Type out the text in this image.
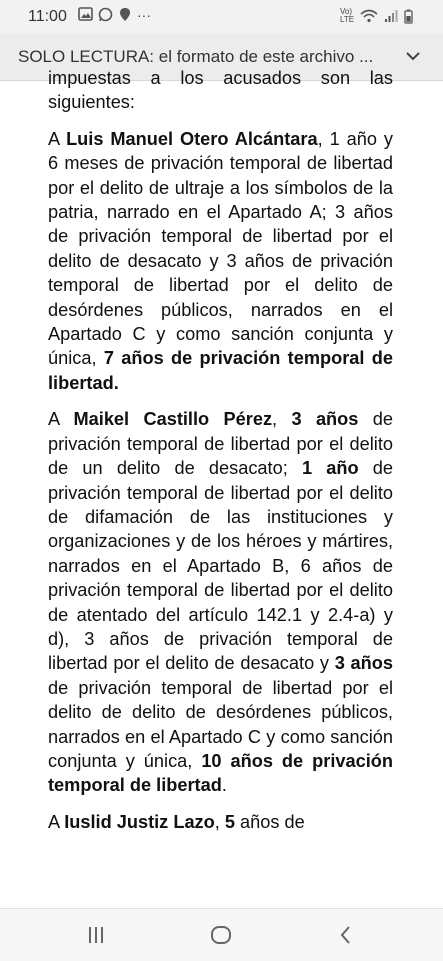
11:00	···	Vo) LTE
SOLO LECTURA: el formato de este archivo ...

impuestas a los acusados son las
siguientes:

A Luis Manuel Otero Alcántara, 1 año y 6 meses de privación temporal de libertad por el delito de ultraje a los símbolos de la patria, narrado en el Apartado A; 3 años de privación temporal de libertad por el delito de desacato y 3 años de privación temporal de libertad por el delito de desórdenes públicos, narrados en el Apartado C y como sanción conjunta y única, 7 años de privación temporal de libertad.

A Maikel Castillo Pérez, 3 años de privación temporal de libertad por el delito de un delito de desacato; 1 año de privación temporal de libertad por el delito de difamación de las instituciones y organizaciones y de los héroes y mártires, narrados en el Apartado B, 6 años de privación temporal de libertad por el delito de atentado del artículo 142.1 y 2.4-a) y d), 3 años de privación temporal de libertad por el delito de desacato y 3 años de privación temporal de libertad por el delito de delito de desórdenes públicos, narrados en el Apartado C y como sanción conjunta y única, 10 años de privación temporal de libertad.

A Iuslid Justiz Lazo, 5 años de
